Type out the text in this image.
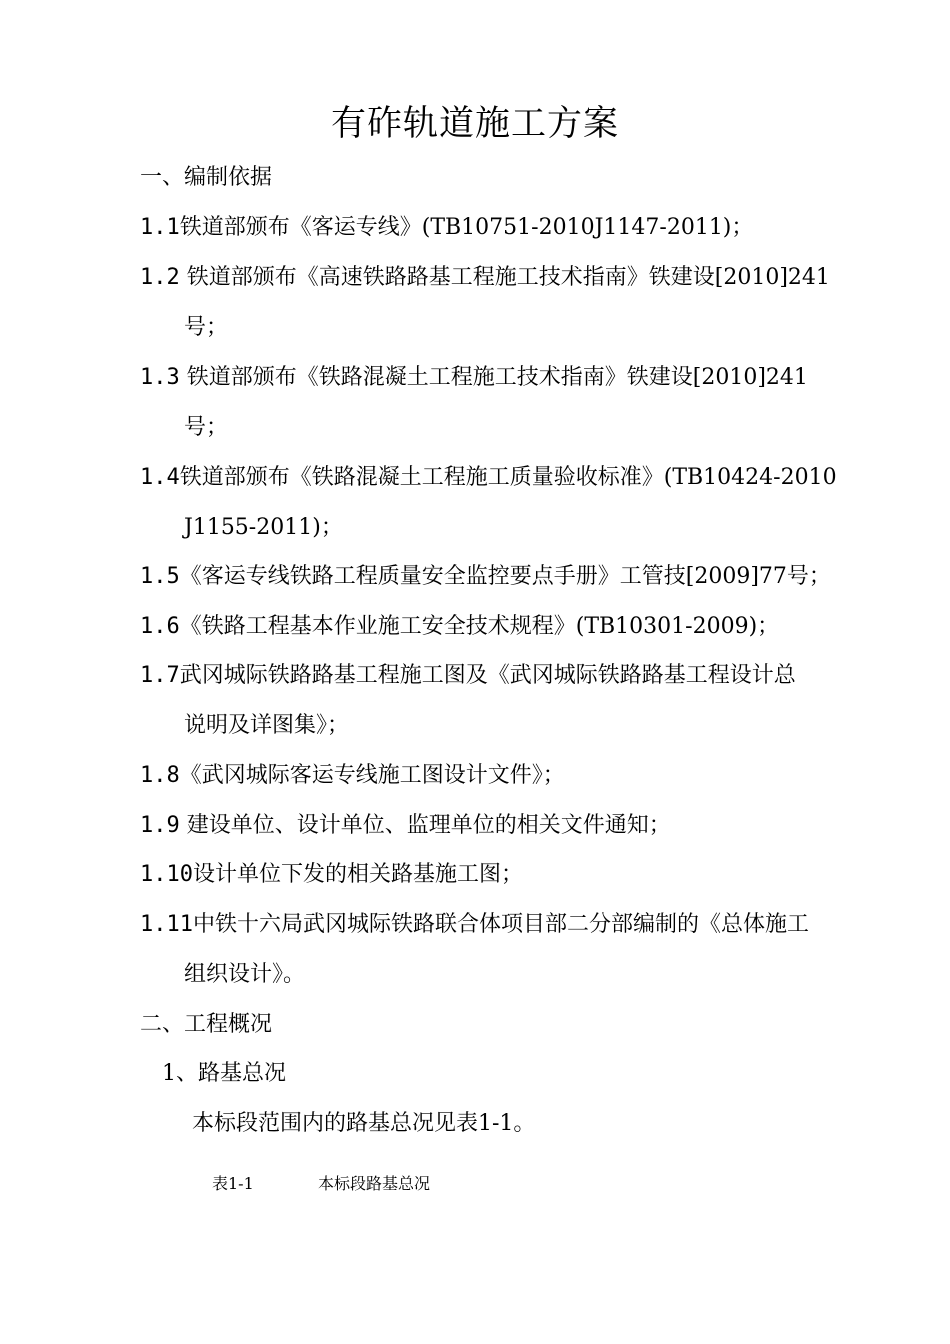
有砟轨道施工方案
一、编制依据
1.1铁道部颁布《客运专线》(TB10751-2010J1147-2011)；
1.2 铁道部颁布《高速铁路路基工程施工技术指南》铁建设[2010]241
号；
1.3 铁道部颁布《铁路混凝土工程施工技术指南》铁建设[2010]241
号；
1.4铁道部颁布《铁路混凝土工程施工质量验收标准》(TB10424-2010
J1155-2011)；
1.5《客运专线铁路工程质量安全监控要点手册》工管技[2009]77号；
1.6《铁路工程基本作业施工安全技术规程》(TB10301-2009)；
1.7武冈城际铁路路基工程施工图及《武冈城际铁路路基工程设计总
说明及详图集》；
1.8《武冈城际客运专线施工图设计文件》；
1.9 建设单位、设计单位、监理单位的相关文件通知；
1.10设计单位下发的相关路基施工图；
1.11中铁十六局武冈城际铁路联合体项目部二分部编制的《总体施工
组织设计》。
二、工程概况
1、路基总况
本标段范围内的路基总况见表1-1。
表1-1	本标段路基总况
